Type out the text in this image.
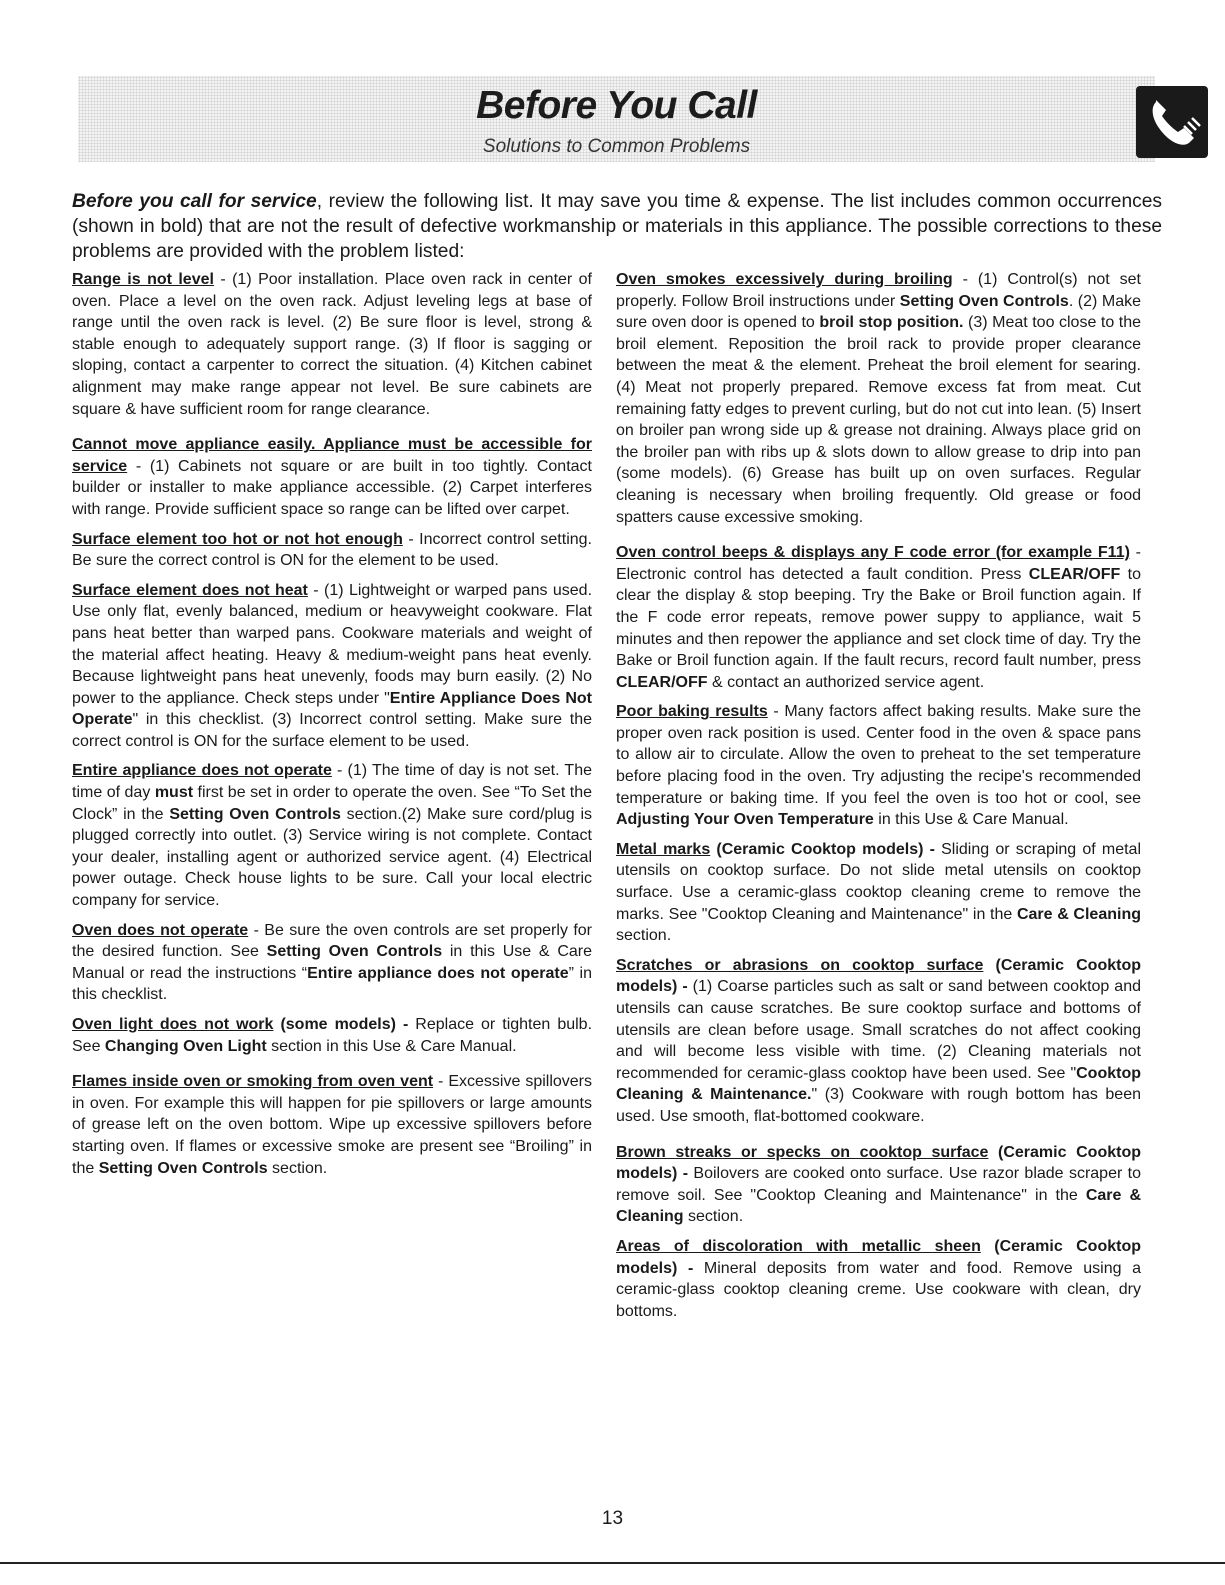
Before You Call
Solutions to Common Problems

Before you call for service, review the following list. It may save you time & expense. The list includes common occurrences (shown in bold) that are not the result of defective workmanship or materials in this appliance. The possible corrections to these problems are provided with the problem listed:

Range is not level - (1) Poor installation. Place oven rack in center of oven. Place a level on the oven rack. Adjust leveling legs at base of range until the oven rack is level. (2) Be sure floor is level, strong & stable enough to adequately support range. (3) If floor is sagging or sloping, contact a carpenter to correct the situation. (4) Kitchen cabinet alignment may make range appear not level. Be sure cabinets are square & have sufficient room for range clearance.

Cannot move appliance easily. Appliance must be accessible for service - (1) Cabinets not square or are built in too tightly. Contact builder or installer to make appliance accessible. (2) Carpet interferes with range. Provide sufficient space so range can be lifted over carpet.

Surface element too hot or not hot enough - Incorrect control setting. Be sure the correct control is ON for the element to be used.

Surface element does not heat - (1) Lightweight or warped pans used. Use only flat, evenly balanced, medium or heavyweight cookware. Flat pans heat better than warped pans. Cookware materials and weight of the material affect heating. Heavy & medium-weight pans heat evenly. Because lightweight pans heat unevenly, foods may burn easily. (2) No power to the appliance. Check steps under "Entire Appliance Does Not Operate" in this checklist. (3) Incorrect control setting. Make sure the correct control is ON for the surface element to be used.

Entire appliance does not operate - (1) The time of day is not set. The time of day must first be set in order to operate the oven. See “To Set the Clock” in the Setting Oven Controls section.(2) Make sure cord/plug is plugged correctly into outlet. (3) Service wiring is not complete. Contact your dealer, installing agent or authorized service agent. (4) Electrical power outage. Check house lights to be sure. Call your local electric company for service.

Oven does not operate - Be sure the oven controls are set properly for the desired function. See Setting Oven Controls in this Use & Care Manual or read the instructions “Entire appliance does not operate” in this checklist.

Oven light does not work (some models) - Replace or tighten bulb. See Changing Oven Light section in this Use & Care Manual.

Flames inside oven or smoking from oven vent - Excessive spillovers in oven. For example this will happen for pie spillovers or large amounts of grease left on the oven bottom. Wipe up excessive spillovers before starting oven. If flames or excessive smoke are present see “Broiling” in the Setting Oven Controls section.

Oven smokes excessively during broiling - (1) Control(s) not set properly. Follow Broil instructions under Setting Oven Controls. (2) Make sure oven door is opened to broil stop position. (3) Meat too close to the broil element. Reposition the broil rack to provide proper clearance between the meat & the element. Preheat the broil element for searing. (4) Meat not properly prepared. Remove excess fat from meat. Cut remaining fatty edges to prevent curling, but do not cut into lean. (5) Insert on broiler pan wrong side up & grease not draining. Always place grid on the broiler pan with ribs up & slots down to allow grease to drip into pan (some models). (6) Grease has built up on oven surfaces. Regular cleaning is necessary when broiling frequently. Old grease or food spatters cause excessive smoking.

Oven control beeps & displays any F code error (for example F11) - Electronic control has detected a fault condition. Press CLEAR/OFF to clear the display & stop beeping. Try the Bake or Broil function again. If the F code error repeats, remove power suppy to appliance, wait 5 minutes and then repower the appliance and set clock time of day. Try the Bake or Broil function again. If the fault recurs, record fault number, press CLEAR/OFF & contact an authorized service agent.

Poor baking results - Many factors affect baking results. Make sure the proper oven rack position is used. Center food in the oven & space pans to allow air to circulate. Allow the oven to preheat to the set temperature before placing food in the oven. Try adjusting the recipe's recommended temperature or baking time. If you feel the oven is too hot or cool, see Adjusting Your Oven Temperature in this Use & Care Manual.

Metal marks (Ceramic Cooktop models) - Sliding or scraping of metal utensils on cooktop surface. Do not slide metal utensils on cooktop surface. Use a ceramic-glass cooktop cleaning creme to remove the marks. See "Cooktop Cleaning and Maintenance" in the Care & Cleaning section.

Scratches or abrasions on cooktop surface (Ceramic Cooktop models) - (1) Coarse particles such as salt or sand between cooktop and utensils can cause scratches. Be sure cooktop surface and bottoms of utensils are clean before usage. Small scratches do not affect cooking and will become less visible with time. (2) Cleaning materials not recommended for ceramic-glass cooktop have been used. See "Cooktop Cleaning & Maintenance." (3) Cookware with rough bottom has been used. Use smooth, flat-bottomed cookware.

Brown streaks or specks on cooktop surface (Ceramic Cooktop models) - Boilovers are cooked onto surface. Use razor blade scraper to remove soil. See "Cooktop Cleaning and Maintenance" in the Care & Cleaning section.

Areas of discoloration with metallic sheen (Ceramic Cooktop models) - Mineral deposits from water and food. Remove using a ceramic-glass cooktop cleaning creme. Use cookware with clean, dry bottoms.

13
